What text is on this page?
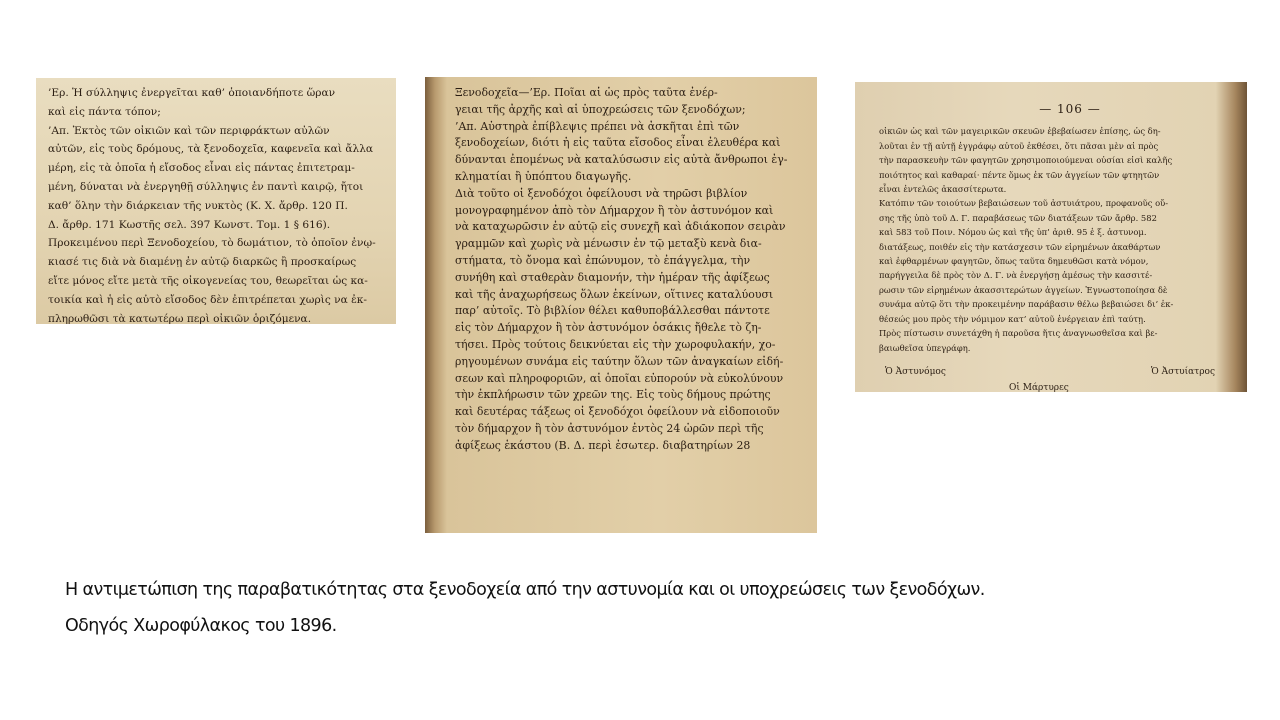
’Ερ. Ἡ σύλληψις ἐνεργεῖται καθ’ ὁποιανδήποτε ὥραν
καὶ εἰς πάντα τόπον;
’Απ. Ἐκτὸς τῶν οἰκιῶν καὶ τῶν περιφράκτων αὐλῶν
αὐτῶν, εἰς τοὺς δρόμους, τὰ ξενοδοχεῖα, καφενεῖα καὶ ἄλλα
μέρη, εἰς τὰ ὁποῖα ἡ εἴσοδος εἶναι εἰς πάντας ἐπιτετραμ-
μένη, δύναται νὰ ἐνεργηθῇ σύλληψις ἐν παντὶ καιρῷ, ἤτοι
καθ’ ὅλην τὴν διάρκειαν τῆς νυκτὸς (Κ. Χ. ἄρθρ. 120 Π.
Δ. ἄρθρ. 171 Κωστῆς σελ. 397 Κωνστ. Τομ. 1 § 616).
Προκειμένου περὶ Ξενοδοχείου, τὸ δωμάτιον, τὸ ὁποῖον ἐνῳ-
κιασέ τις διὰ νὰ διαμένῃ ἐν αὐτῷ διαρκῶς ἢ προσκαίρως
εἴτε μόνος εἴτε μετὰ τῆς οἰκογενείας του, θεωρεῖται ὡς κα-
τοικία καὶ ἡ εἰς αὐτὸ εἴσοδος δὲν ἐπιτρέπεται χωρὶς να ἐκ-
πληρωθῶσι τὰ κατωτέρω περὶ οἰκιῶν ὁριζόμενα.
Ξενοδοχεῖα—’Ερ. Ποῖαι αἱ ὡς πρὸς ταῦτα ἐνέρ-
γειαι τῆς ἀρχῆς καὶ αἱ ὑποχρεώσεις τῶν ξενοδόχων;
’Απ. Αὐστηρὰ ἐπίβλεψις πρέπει νὰ ἀσκῆται ἐπὶ τῶν
ξενοδοχείων, διότι ἡ εἰς ταῦτα εἴσοδος εἶναι ἐλευθέρα καὶ
δύνανται ἐπομένως νὰ καταλύσωσιν εἰς αὐτὰ ἄνθρωποι ἐγ-
κληματίαι ἢ ὑπόπτου διαγωγῆς.
Διὰ τοῦτο οἱ ξενοδόχοι ὀφείλουσι νὰ τηρῶσι βιβλίον
μονογραφημένον ἀπὸ τὸν Δήμαρχον ἢ τὸν ἀστυνόμον καὶ
νὰ καταχωρῶσιν ἐν αὐτῷ εἰς συνεχῆ καὶ ἀδιάκοπον σειρὰν
γραμμῶν καὶ χωρὶς νὰ μένωσιν ἐν τῷ μεταξὺ κενὰ δια-
στήματα, τὸ ὄνομα καὶ ἐπώνυμον, τὸ ἐπάγγελμα, τὴν
συνήθη καὶ σταθερὰν διαμονήν, τὴν ἡμέραν τῆς ἀφίξεως
καὶ τῆς ἀναχωρήσεως ὅλων ἐκείνων, οἵτινες καταλύουσι
παρ’ αὐτοῖς. Τὸ βιβλίον θέλει καθυποβάλλεσθαι πάντοτε
εἰς τὸν Δήμαρχον ἢ τὸν ἀστυνόμον ὁσάκις ἤθελε τὸ ζη-
τήσει. Πρὸς τούτοις δεικνύεται εἰς τὴν χωροφυλακήν, χο-
ρηγουμένων συνάμα εἰς ταύτην ὅλων τῶν ἀναγκαίων εἰδή-
σεων καὶ πληροφοριῶν, αἱ ὁποῖαι εὐπορούν νὰ εὐκολύνουν
τὴν ἐκπλήρωσιν τῶν χρεῶν της. Εἰς τοὺς δήμους πρώτης
καὶ δευτέρας τάξεως οἱ ξενοδόχοι ὀφείλουν νὰ εἰδοποιοῦν
τὸν δήμαρχον ἢ τὸν ἀστυνόμον ἐντὸς 24 ὡρῶν περὶ τῆς
ἀφίξεως ἑκάστου (Β. Δ. περὶ ἐσωτερ. διαβατηρίων 28
— 106 —
οἰκιῶν ὡς καὶ τῶν μαγειρικῶν σκευῶν ἐβεβαίωσεν ἐπίσης, ὡς δη-
λοῦται ἐν τῇ αὐτῇ ἐγγράφῳ αὐτοῦ ἐκθέσει, ὅτι πᾶσαι μὲν αἱ πρὸς
τὴν παρασκευὴν τῶν φαγητῶν χρησιμοποιούμεναι οὐσίαι εἰσὶ καλῆς
ποιότητος καὶ καθαραί· πέντε ὅμως ἐκ τῶν ἀγγείων τῶν φτηητῶν
εἶναι ἐντελῶς ἀκασσίτερωτα.
Κατόπιν τῶν τοιούτων βεβαιώσεων τοῦ ἀστυιάτρου, προφανοῦς οὔ-
σης τῆς ὑπὸ τοῦ Δ. Γ. παραβάσεως τῶν διατάξεων τῶν ἄρθρ. 582
καὶ 583 τοῦ Ποιν. Νόμου ὡς καὶ τῆς ὑπ’ ἀριθ. 95 ἐ ξ. ἀστυνομ.
διατάξεως, ποιθέν εἰς τὴν κατάσχεσιν τῶν εἰρημένων ἀκαθάρτων
καὶ ἐφθαρμένων φαγητῶν, ὅπως ταῦτα δημευθῶσι κατὰ νόμον,
παρήγγειλα δὲ πρὸς τὸν Δ. Γ. νὰ ἐνεργήσῃ ἀμέσως τὴν κασσιτέ-
ρωσιν τῶν εἰρημένων ἀκασσιτερώτων ἀγγείων. Ἐγνωστοποίησα δὲ
συνάμα αὐτῷ ὅτι τὴν προκειμένην παράβασιν θέλω βεβαιώσει δι’ ἐκ-
θέσεώς μου πρὸς τὴν νόμιμον κατ’ αὐτοῦ ἐνέργειαν ἐπὶ ταύτῃ.
Πρὸς πίστωσιν συνετάχθη ἡ παροῦσα ἥτις ἀναγνωσθεῖσα καὶ βε-
βαιωθεῖσα ὑπεγράφη.
Ὁ Ἀστυνόμος	Ὁ Ἀστυίατρος
Οἱ Μάρτυρες
Η αντιμετώπιση της παραβατικότητας στα ξενοδοχεία από την αστυνομία και οι υποχρεώσεις των ξενοδόχων.
Οδηγός Χωροφύλακος του 1896.
